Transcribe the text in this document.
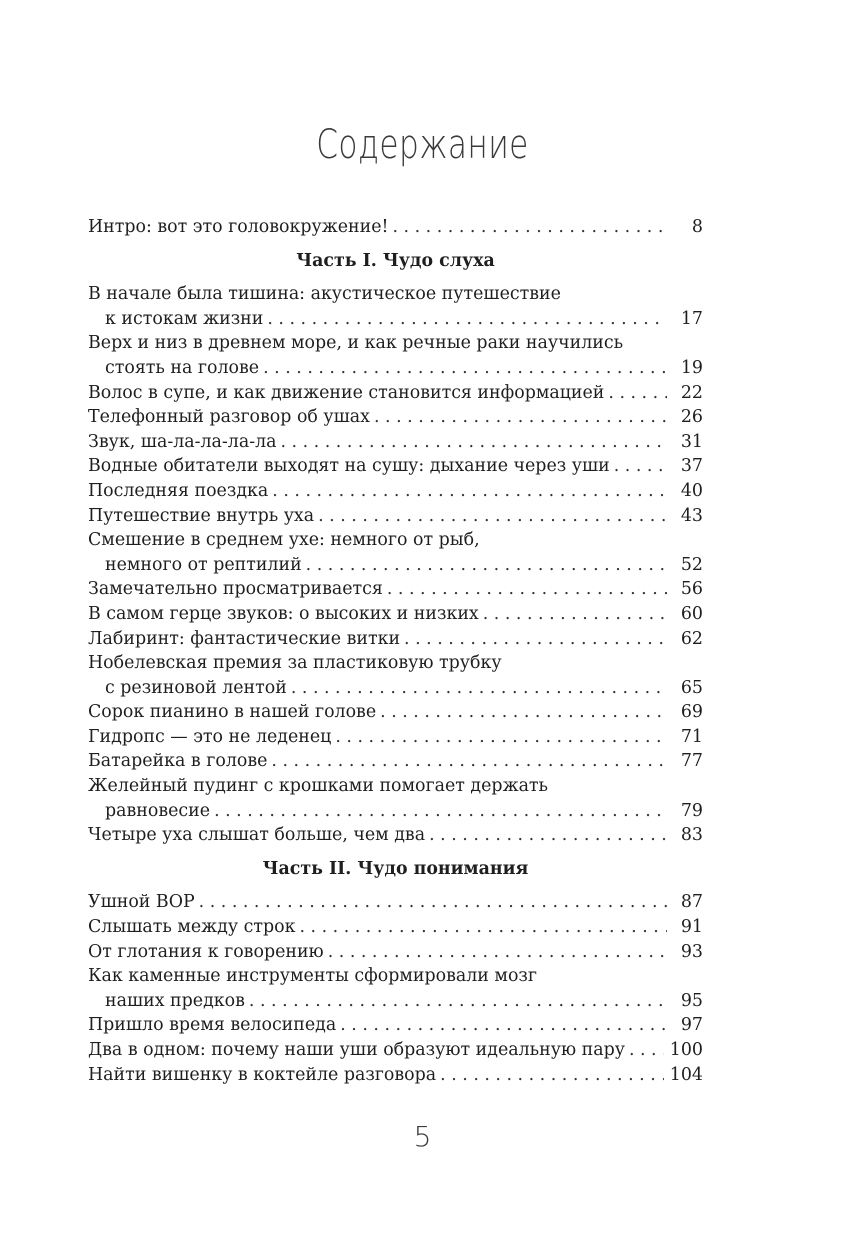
Содержание
Интро: вот это головокружение! . . .	8
Часть I. Чудо слуха
В начале была тишина: акустическое путешествие
к истокам жизни . . .	17
Верх и низ в древнем море, и как речные раки научились
стоять на голове . . .	19
Волос в супе, и как движение становится информацией . . .	22
Телефонный разговор об ушах . . .	26
Звук, ша-ла-ла-ла-ла . . .	31
Водные обитатели выходят на сушу: дыхание через уши . . .	37
Последняя поездка . . .	40
Путешествие внутрь уха . . .	43
Смешение в среднем ухе: немного от рыб,
немного от рептилий . . .	52
Замечательно просматривается . . .	56
В самом герце звуков: о высоких и низких . . .	60
Лабиринт: фантастические витки . . .	62
Нобелевская премия за пластиковую трубку
с резиновой лентой . . .	65
Сорок пианино в нашей голове . . .	69
Гидропс — это не леденец . . .	71
Батарейка в голове . . .	77
Желейный пудинг с крошками помогает держать
равновесие . . .	79
Четыре уха слышат больше, чем два . . .	83
Часть II. Чудо понимания
Ушной ВОР . . .	87
Слышать между строк . . .	91
От глотания к говорению . . .	93
Как каменные инструменты сформировали мозг
наших предков . . .	95
Пришло время велосипеда . . .	97
Два в одном: почему наши уши образуют идеальную пару . . .	100
Найти вишенку в коктейле разговора . . .	104
5
